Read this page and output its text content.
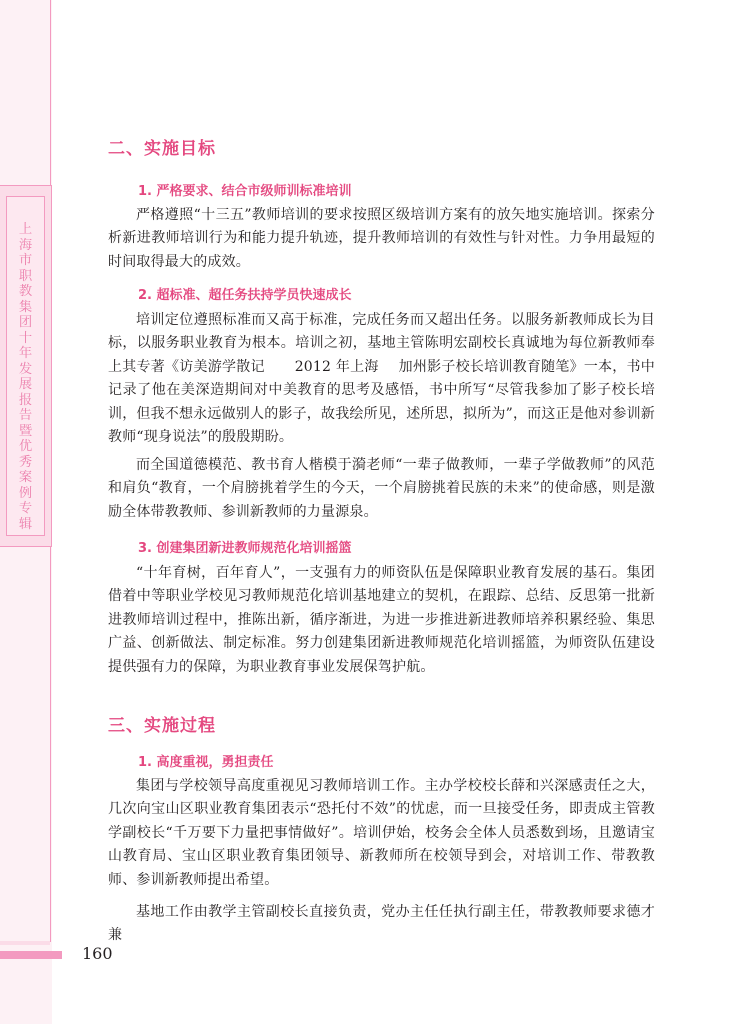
上海市职教集团十年发展报告暨优秀案例专辑
160
二、实施目标
1. 严格要求、结合市级师训标准培训

严格遵照“十三五”教师培训的要求按照区级培训方案有的放矢地实施培训。探索分析新进教师培训行为和能力提升轨迹，提升教师培训的有效性与针对性。力争用最短的时间取得最大的成效。

2. 超标准、超任务扶持学员快速成长

培训定位遵照标准而又高于标准，完成任务而又超出任务。以服务新教师成长为目标，以服务职业教育为根本。培训之初，基地主管陈明宏副校长真诚地为每位新教师奉上其专著《访美游学散记 2012 年上海 加州影子校长培训教育随笔》一本，书中记录了他在美深造期间对中美教育的思考及感悟，书中所写“尽管我参加了影子校长培训，但我不想永远做别人的影子，故我绘所见，述所思，拟所为”，而这正是他对参训新教师“现身说法”的殷殷期盼。

而全国道德模范、教书育人楷模于漪老师“一辈子做教师，一辈子学做教师”的风范和肩负“教育，一个肩膀挑着学生的今天，一个肩膀挑着民族的未来”的使命感，则是激励全体带教教师、参训新教师的力量源泉。

3. 创建集团新进教师规范化培训摇篮

“十年育树，百年育人”，一支强有力的师资队伍是保障职业教育发展的基石。集团借着中等职业学校见习教师规范化培训基地建立的契机，在跟踪、总结、反思第一批新进教师培训过程中，推陈出新，循序渐进，为进一步推进新进教师培养积累经验、集思广益、创新做法、制定标准。努力创建集团新进教师规范化培训摇篮，为师资队伍建设提供强有力的保障，为职业教育事业发展保驾护航。

三、实施过程
1. 高度重视，勇担责任

集团与学校领导高度重视见习教师培训工作。主办学校校长薛和兴深感责任之大，几次向宝山区职业教育集团表示“恐托付不效”的忧虑，而一旦接受任务，即责成主管教学副校长“千万要下力量把事情做好”。培训伊始，校务会全体人员悉数到场，且邀请宝山教育局、宝山区职业教育集团领导、新教师所在校领导到会，对培训工作、带教教师、参训新教师提出希望。

基地工作由教学主管副校长直接负责，党办主任任执行副主任，带教教师要求德才兼
